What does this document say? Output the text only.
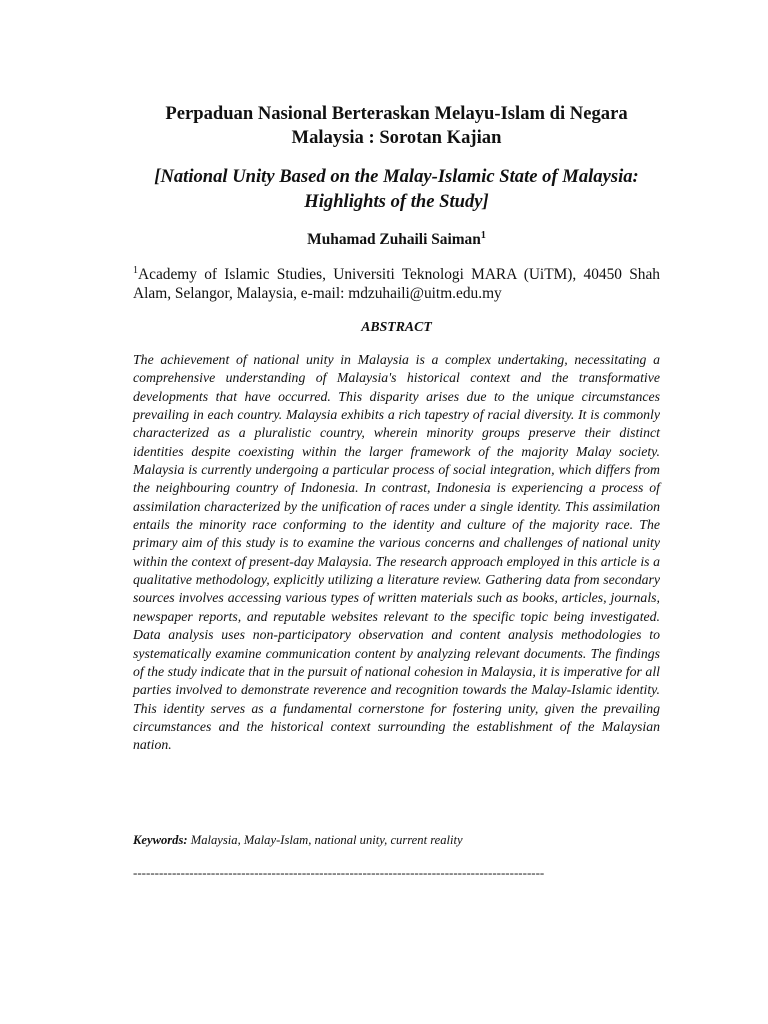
Perpaduan Nasional Berteraskan Melayu-Islam di Negara Malaysia : Sorotan Kajian
[National Unity Based on the Malay-Islamic State of Malaysia: Highlights of the Study]
Muhamad Zuhaili Saiman$^1$
$^1$Academy of Islamic Studies, Universiti Teknologi MARA (UiTM), 40450 Shah Alam, Selangor, Malaysia, e-mail: mdzuhaili@uitm.edu.my
ABSTRACT

The achievement of national unity in Malaysia is a complex undertaking, necessitating a comprehensive understanding of Malaysia's historical context and the transformative developments that have occurred. This disparity arises due to the unique circumstances prevailing in each country. Malaysia exhibits a rich tapestry of racial diversity. It is commonly characterized as a pluralistic country, wherein minority groups preserve their distinct identities despite coexisting within the larger framework of the majority Malay society. Malaysia is currently undergoing a particular process of social integration, which differs from the neighbouring country of Indonesia. In contrast, Indonesia is experiencing a process of assimilation characterized by the unification of races under a single identity. This assimilation entails the minority race conforming to the identity and culture of the majority race. The primary aim of this study is to examine the various concerns and challenges of national unity within the context of present-day Malaysia. The research approach employed in this article is a qualitative methodology, explicitly utilizing a literature review. Gathering data from secondary sources involves accessing various types of written materials such as books, articles, journals, newspaper reports, and reputable websites relevant to the specific topic being investigated. Data analysis uses non-participatory observation and content analysis methodologies to systematically examine communication content by analyzing relevant documents. The findings of the study indicate that in the pursuit of national cohesion in Malaysia, it is imperative for all parties involved to demonstrate reverence and recognition towards the Malay-Islamic identity. This identity serves as a fundamental cornerstone for fostering unity, given the prevailing circumstances and the historical context surrounding the establishment of the Malaysian nation.

Keywords: Malaysia, Malay-Islam, national unity, current reality
-----------------------------------------------------------------------------------------------
